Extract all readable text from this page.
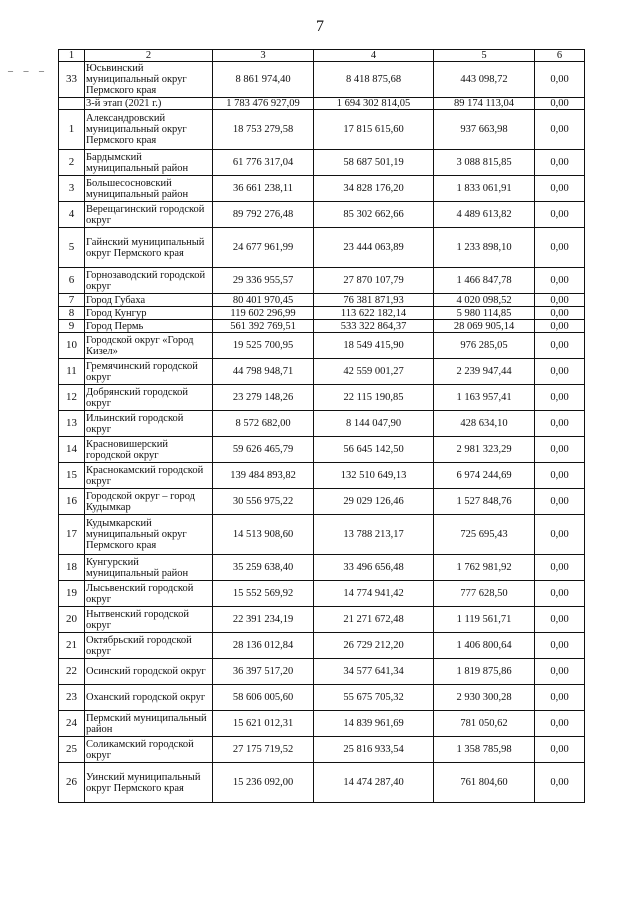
7
– – –
1	2	3	4	5	6
33	Юсьвинский муниципальный округ Пермского края	8 861 974,40	8 418 875,68	443 098,72	0,00
	3-й этап (2021 г.)	1 783 476 927,09	1 694 302 814,05	89 174 113,04	0,00
1	Александровский муниципальный округ Пермского края	18 753 279,58	17 815 615,60	937 663,98	0,00
2	Бардымский муниципальный район	61 776 317,04	58 687 501,19	3 088 815,85	0,00
3	Большесосновский муниципальный район	36 661 238,11	34 828 176,20	1 833 061,91	0,00
4	Верещагинский городской округ	89 792 276,48	85 302 662,66	4 489 613,82	0,00
5	Гайнский муниципальный округ Пермского края	24 677 961,99	23 444 063,89	1 233 898,10	0,00
6	Горнозаводский городской округ	29 336 955,57	27 870 107,79	1 466 847,78	0,00
7	Город Губаха	80 401 970,45	76 381 871,93	4 020 098,52	0,00
8	Город Кунгур	119 602 296,99	113 622 182,14	5 980 114,85	0,00
9	Город Пермь	561 392 769,51	533 322 864,37	28 069 905,14	0,00
10	Городской округ «Город Кизел»	19 525 700,95	18 549 415,90	976 285,05	0,00
11	Гремячинский городской округ	44 798 948,71	42 559 001,27	2 239 947,44	0,00
12	Добрянский городской округ	23 279 148,26	22 115 190,85	1 163 957,41	0,00
13	Ильинский городской округ	8 572 682,00	8 144 047,90	428 634,10	0,00
14	Красновишерский городской округ	59 626 465,79	56 645 142,50	2 981 323,29	0,00
15	Краснокамский городской округ	139 484 893,82	132 510 649,13	6 974 244,69	0,00
16	Городской округ – город Кудымкар	30 556 975,22	29 029 126,46	1 527 848,76	0,00
17	Кудымкарский муниципальный округ Пермского края	14 513 908,60	13 788 213,17	725 695,43	0,00
18	Кунгурский муниципальный район	35 259 638,40	33 496 656,48	1 762 981,92	0,00
19	Лысьвенский городской округ	15 552 569,92	14 774 941,42	777 628,50	0,00
20	Нытвенский городской округ	22 391 234,19	21 271 672,48	1 119 561,71	0,00
21	Октябрьский городской округ	28 136 012,84	26 729 212,20	1 406 800,64	0,00
22	Осинский городской округ	36 397 517,20	34 577 641,34	1 819 875,86	0,00
23	Оханский городской округ	58 606 005,60	55 675 705,32	2 930 300,28	0,00
24	Пермский муниципальный район	15 621 012,31	14 839 961,69	781 050,62	0,00
25	Соликамский городской округ	27 175 719,52	25 816 933,54	1 358 785,98	0,00
26	Уинский муниципальный округ Пермского края	15 236 092,00	14 474 287,40	761 804,60	0,00
